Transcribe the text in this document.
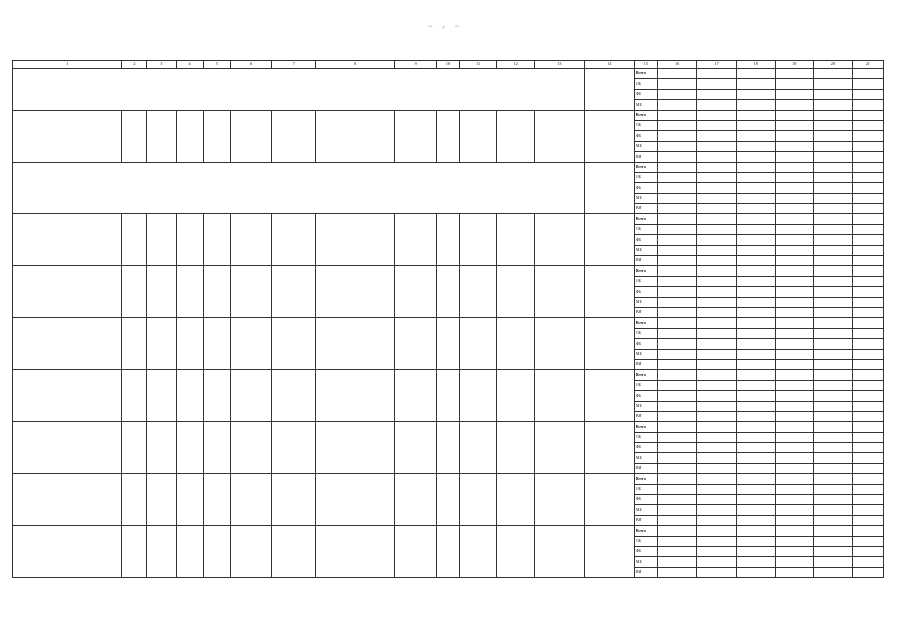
 ~  ⸗  ~
1	2	3	4	5	6	7	8	9	10	11	12	13	14	15	16	17	18	19	20	21
														Всего						
														ОБ						
														ФБ						
														МБ						
														Всего						
														ОБ						
														ФБ						
														МБ						
														ВИ						
														Всего						
														ОБ						
														ФБ						
														МБ						
														ВИ						
														Всего						
														ОБ						
														ФБ						
														МБ						
														ВИ						
														Всего						
														ОБ						
														ФБ						
														МБ						
														ВИ						
														Всего						
														ОБ						
														ФБ						
														МБ						
														ВИ						
														Всего						
														ОБ						
														ФБ						
														МБ						
														ВИ						
														Всего						
														ОБ						
														ФБ						
														МБ						
														ВИ						
														Всего						
														ОБ						
														ФБ						
														МБ						
														ВИ						
														Всего						
														ОБ						
														ФБ						
														МБ						
														ВИ						
